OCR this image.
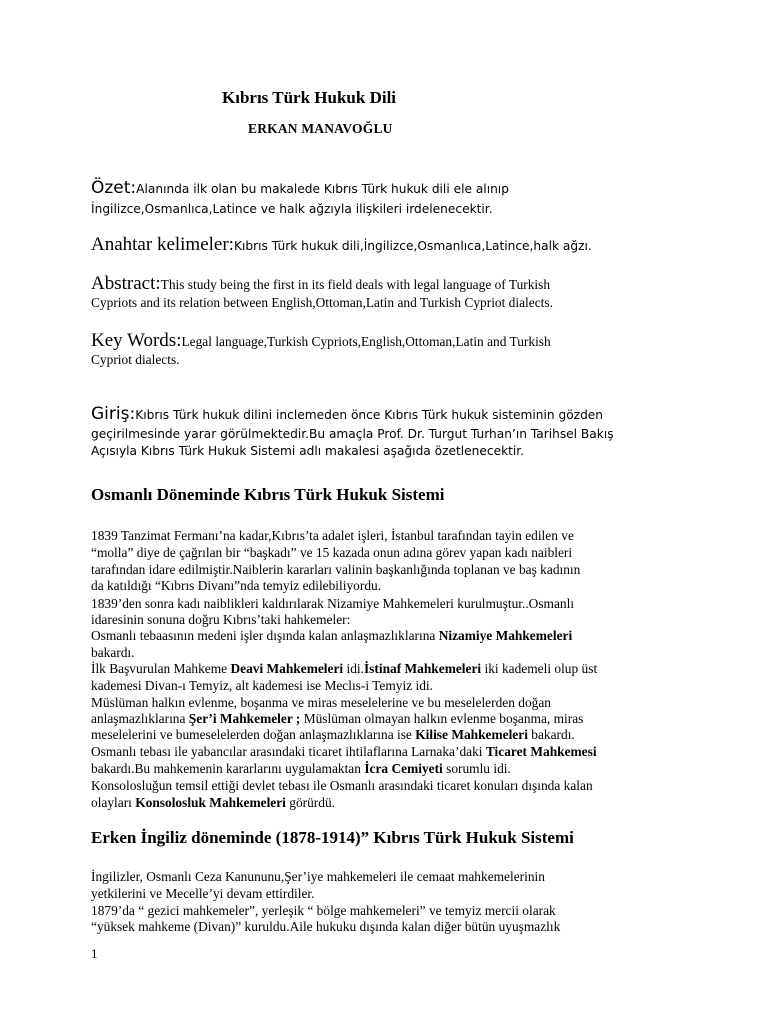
Kıbrıs Türk Hukuk Dili
ERKAN MANAVOĞLU
Özet:Alanında ilk olan bu makalede Kıbrıs Türk hukuk dili ele alınıp
İngilizce,Osmanlıca,Latince ve halk ağzıyla ilişkileri irdelenecektir.
Anahtar kelimeler:Kıbrıs Türk hukuk dili,İngilizce,Osmanlıca,Latince,halk ağzı.
Abstract:This study being the first in its field deals with legal language of Turkish
Cypriots and its relation between English,Ottoman,Latin and Turkish Cypriot dialects.
Key Words:Legal language,Turkish Cypriots,English,Ottoman,Latin and Turkish
Cypriot dialects.
Giriş:Kıbrıs Türk hukuk dilini inclemeden önce Kıbrıs Türk hukuk sisteminin gözden
geçirilmesinde yarar görülmektedir.Bu amaçla Prof. Dr. Turgut Turhan’ın Tarihsel Bakış
Açısıyla Kıbrıs Türk Hukuk Sistemi adlı makalesi aşağıda özetlenecektir.
Osmanlı Döneminde Kıbrıs Türk Hukuk Sistemi
1839 Tanzimat Fermanı’na kadar,Kıbrıs’ta adalet işleri, İstanbul tarafından tayin edilen ve
“molla” diye de çağrılan bir “başkadı” ve 15 kazada onun adına görev yapan kadı naibleri
tarafından idare edilmiştir.Naiblerin kararları valinin başkanlığında toplanan ve baş kadının
da katıldığı “Kıbrıs Divanı”nda temyiz edilebiliyordu.
1839’den sonra kadı naiblikleri kaldırılarak Nizamiye Mahkemeleri kurulmuştur..Osmanlı
idaresinin sonuna doğru Kıbrıs’taki hahkemeler:
Osmanlı tebaasının medeni işler dışında kalan anlaşmazlıklarına Nizamiye Mahkemeleri
bakardı.
İlk Başvurulan Mahkeme Deavi Mahkemeleri idi.İstinaf Mahkemeleri iki kademeli olup üst
kademesi Divan-ı Temyiz, alt kademesi ise Meclıs-i Temyiz idi.
Müslüman halkın evlenme, boşanma ve miras meselelerine ve bu meselelerden doğan
anlaşmazlıklarına Şer’i Mahkemeler ; Müslüman olmayan halkın evlenme boşanma, miras
meselelerini ve bumeselelerden doğan anlaşmazlıklarına ise Kilise Mahkemeleri bakardı.
Osmanlı tebası ile yabancılar arasındaki ticaret ihtilaflarına Larnaka’daki Ticaret Mahkemesi
bakardı.Bu mahkemenin kararlarını uygulamaktan İcra Cemiyeti sorumlu idi.
Konsolosluğun temsil ettiği devlet tebası ile Osmanlı arasındaki ticaret konuları dışında kalan
olayları Konsolosluk Mahkemeleri görürdü.
Erken İngiliz döneminde (1878-1914)” Kıbrıs Türk Hukuk Sistemi
İngilizler, Osmanlı Ceza Kanununu,Şer’iye mahkemeleri ile cemaat mahkemelerinin
yetkilerini ve Mecelle’yi devam ettirdiler.
1879’da “ gezici mahkemeler”, yerleşik “ bölge mahkemeleri” ve temyiz mercii olarak
“yüksek mahkeme (Divan)” kuruldu.Aile hukuku dışında kalan diğer bütün uyuşmazlık
1
